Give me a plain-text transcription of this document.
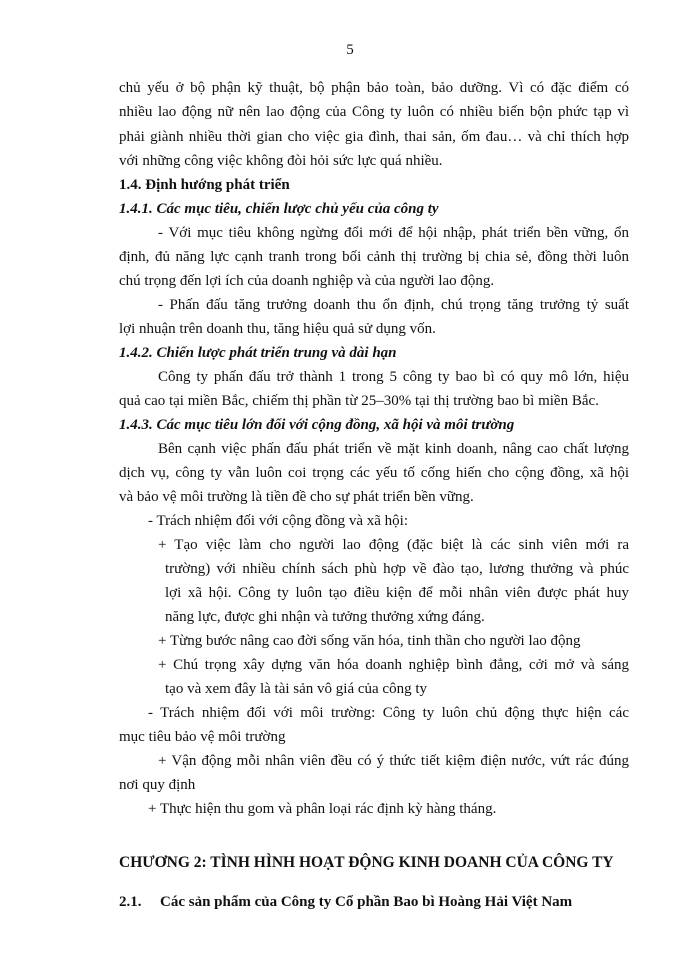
5
chủ yếu ở bộ phận kỹ thuật, bộ phận bảo toàn, bảo dưỡng. Vì có đặc điểm có
nhiều lao động nữ nên lao động của Công ty luôn có nhiều biến bộn phức tạp vì
phải giành nhiều thời gian cho việc gia đình, thai sản, ốm đau… và chỉ thích hợp
với những công việc không đòi hỏi sức lực quá nhiều.
1.4. Định hướng phát triển
1.4.1. Các mục tiêu, chiến lược chủ yếu của công ty
- Với mục tiêu không ngừng đổi mới để hội nhập, phát triển bền vững, ổn
định, đủ năng lực cạnh tranh trong bối cảnh thị trường bị chia sẻ, đồng thời luôn
chú trọng đến lợi ích của doanh nghiệp và của người lao động.
- Phấn đấu tăng trưởng doanh thu ổn định, chú trọng tăng trưởng tỷ suất
lợi nhuận trên doanh thu, tăng hiệu quả sử dụng vốn.
1.4.2. Chiến lược phát triển trung và dài hạn
Công ty phấn đấu trở thành 1 trong 5 công ty bao bì có quy mô lớn, hiệu
quả cao tại miền Bắc, chiếm thị phần từ 25–30% tại thị trường bao bì miền Bắc.
1.4.3. Các mục tiêu lớn đối với cộng đồng, xã hội và môi trường
Bên cạnh việc phấn đấu phát triển về mặt kinh doanh, nâng cao chất lượng
dịch vụ, công ty vẫn luôn coi trọng các yếu tố cống hiến cho cộng đồng, xã hội
và bảo vệ môi trường là tiền đề cho sự phát triển bền vững.
- Trách nhiệm đối với cộng đồng và xã hội:
+ Tạo việc làm cho người lao động (đặc biệt là các sinh viên mới ra
trường) với nhiều chính sách phù hợp về đào tạo, lương thưởng và phúc
lợi xã hội. Công ty luôn tạo điều kiện để mỗi nhân viên được phát huy
năng lực, được ghi nhận và tưởng thưởng xứng đáng.
+ Từng bước nâng cao đời sống văn hóa, tinh thần cho người lao động
+ Chú trọng xây dựng văn hóa doanh nghiệp bình đẳng, cởi mở và sáng
tạo và xem đây là tài sản vô giá của công ty
- Trách nhiệm đối với môi trường: Công ty luôn chủ động thực hiện các
mục tiêu bảo vệ môi trường
+ Vận động mỗi nhân viên đều có ý thức tiết kiệm điện nước, vứt rác đúng
nơi quy định
+ Thực hiện thu gom và phân loại rác định kỳ hàng tháng.
CHƯƠNG 2: TÌNH HÌNH HOẠT ĐỘNG KINH DOANH CỦA CÔNG TY
2.1. Các sản phẩm của Công ty Cổ phần Bao bì Hoàng Hải Việt Nam
